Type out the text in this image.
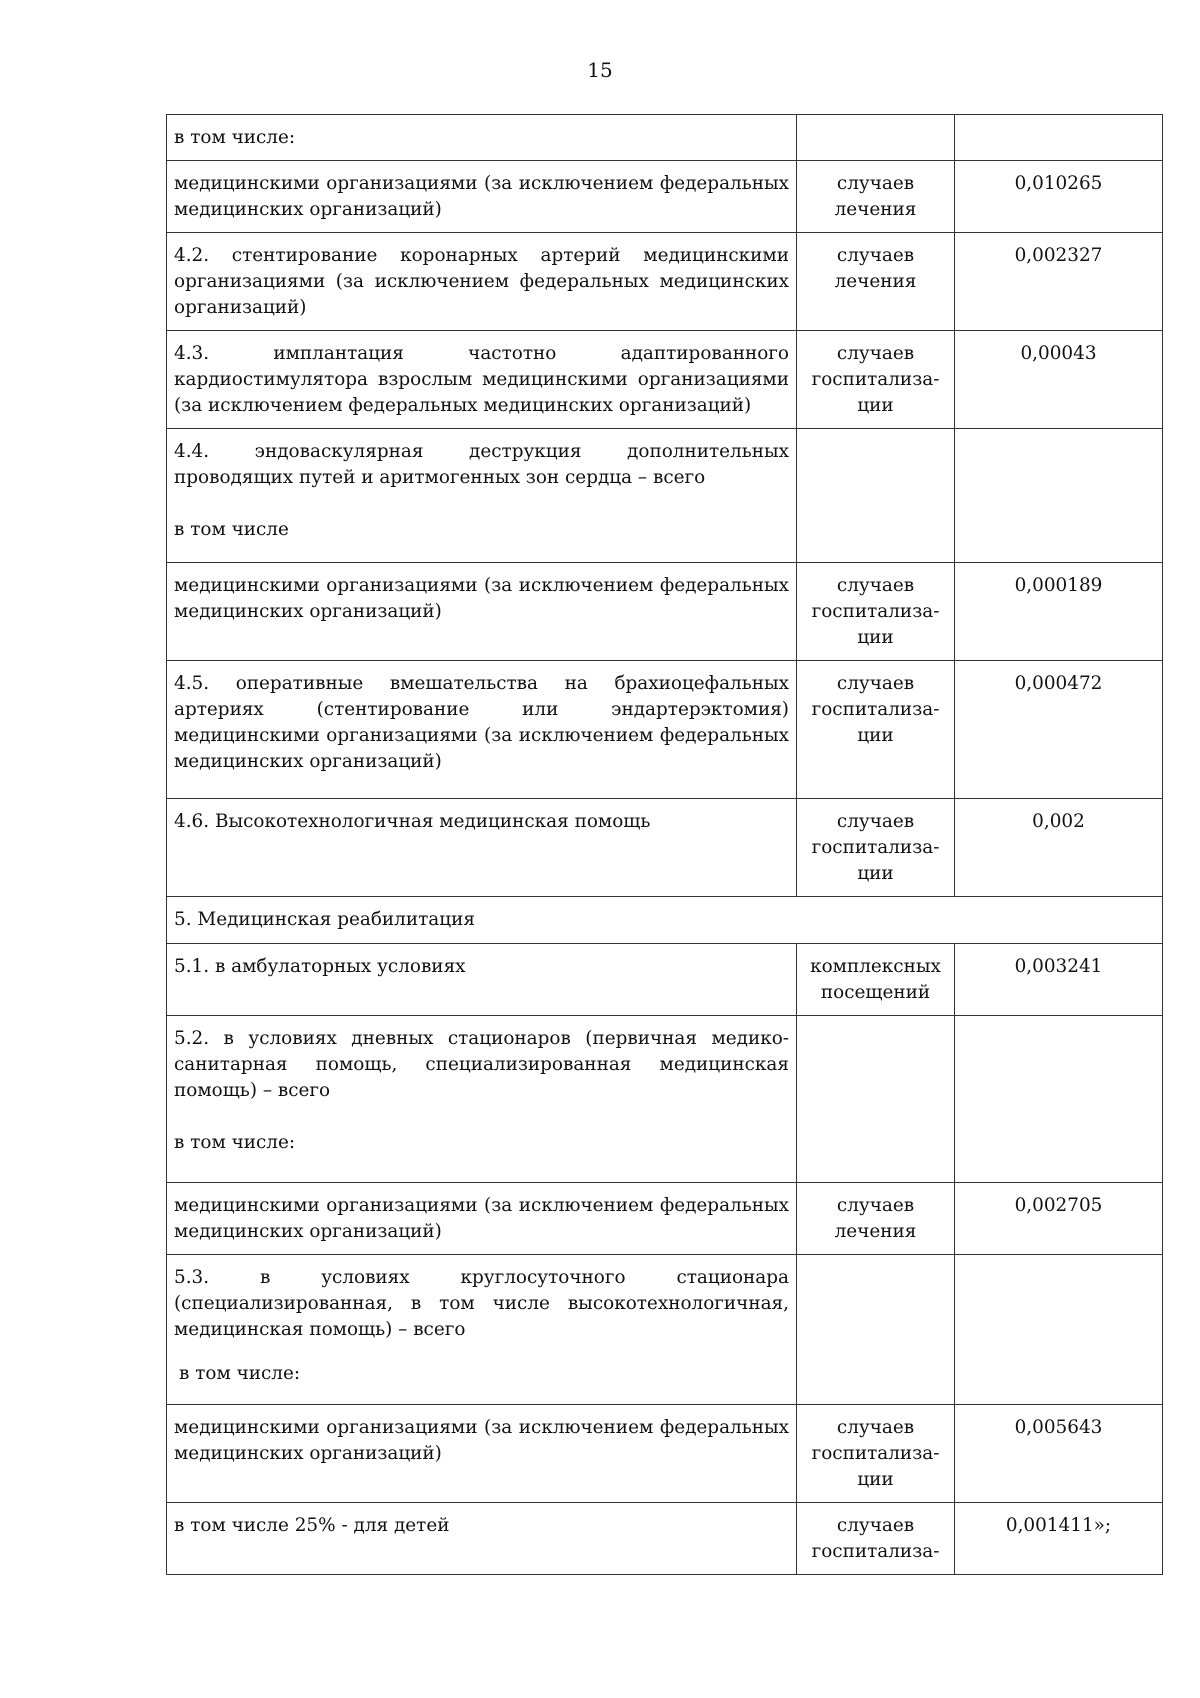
15
в том числе:		
медицинскими организациями (за исключением федеральных медицинских организаций)	случаев лечения	0,010265
4.2. стентирование коронарных артерий медицинскими организациями (за исключением федеральных медицинских организаций)	случаев лечения	0,002327
4.3. имплантация частотно адаптированного кардиостимулятора взрослым медицинскими организациями (за исключением федеральных медицинских организаций)	случаев госпитализа-ции	0,00043
4.4. эндоваскулярная деструкция дополнительных проводящих путей и аритмогенных зон сердца – всего
в том числе		
медицинскими организациями (за исключением федеральных медицинских организаций)	случаев госпитализа-ции	0,000189
4.5. оперативные вмешательства на брахиоцефальных артериях (стентирование или эндартерэктомия) медицинскими организациями (за исключением федеральных медицинских организаций)	случаев госпитализа-ции	0,000472
4.6. Высокотехнологичная медицинская помощь	случаев госпитализа-ции	0,002
5. Медицинская реабилитация		
5.1. в амбулаторных условиях	комплексных посещений	0,003241
5.2. в условиях дневных стационаров (первичная медико-санитарная помощь, специализированная медицинская помощь) – всего
в том числе:		
медицинскими организациями (за исключением федеральных медицинских организаций)	случаев лечения	0,002705
5.3. в условиях круглосуточного стационара (специализированная, в том числе высокотехнологичная, медицинская помощь) – всего
в том числе:		
медицинскими организациями (за исключением федеральных медицинских организаций)	случаев госпитализа-ции	0,005643
в том числе 25% - для детей	случаев госпитализа-	0,001411»;
